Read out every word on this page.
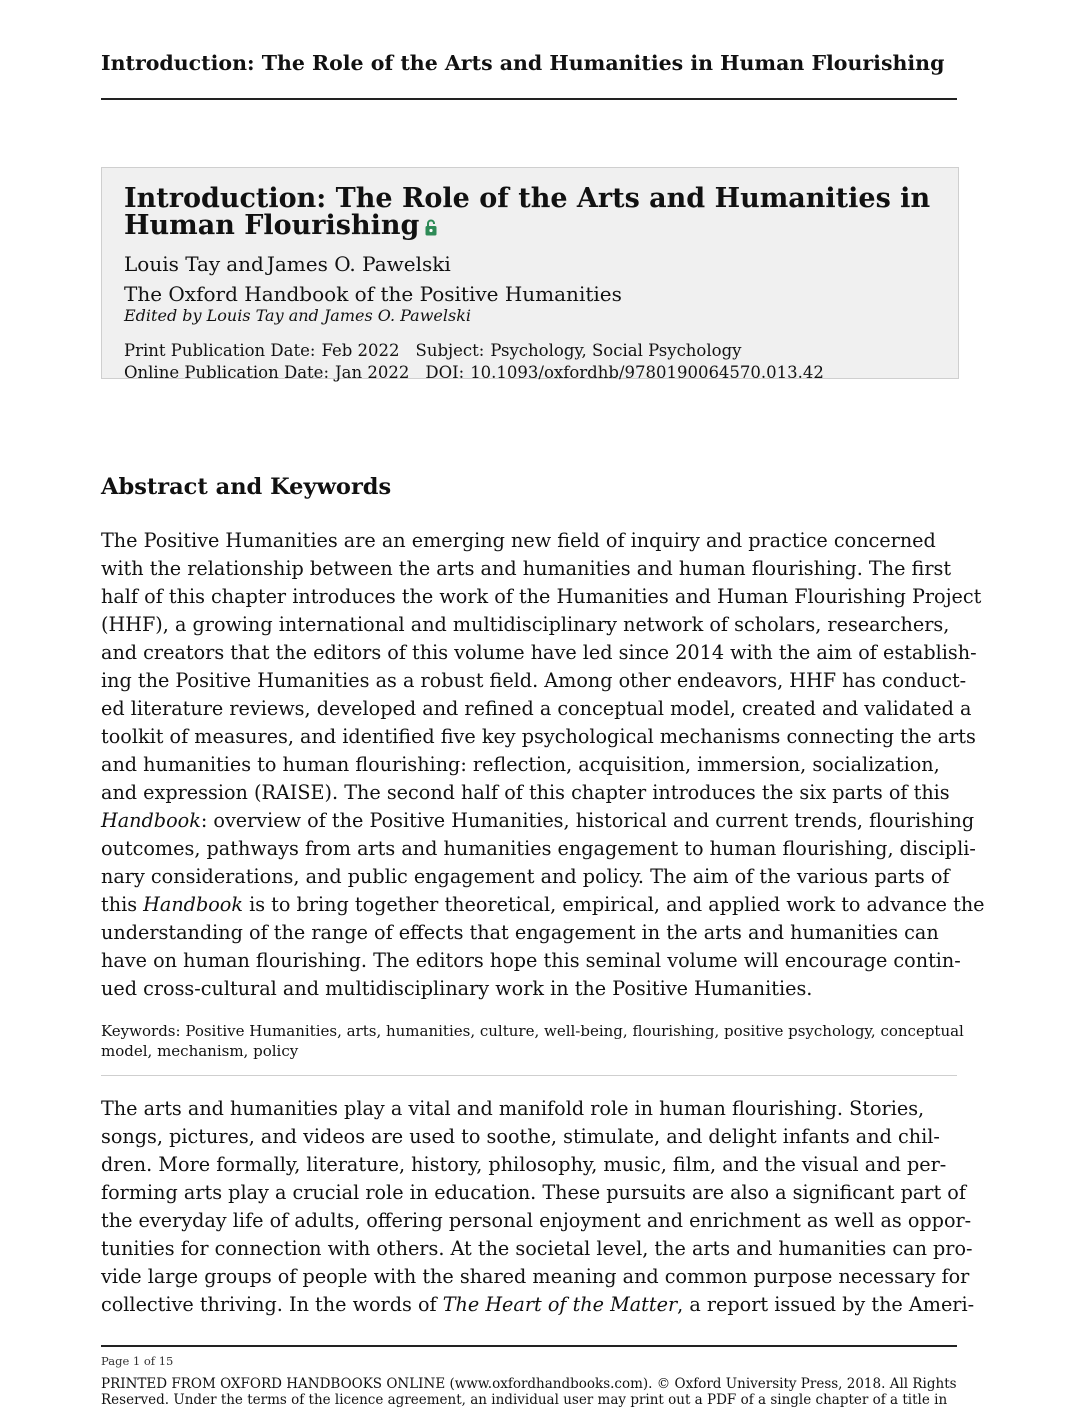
Introduction: The Role of the Arts and Humanities in Human Flourishing
Introduction: The Role of the Arts and Humanities in
Human Flourishing
Louis Tay and James O. Pawelski
The Oxford Handbook of the Positive Humanities
Edited by Louis Tay and James O. Pawelski
Print Publication Date: Feb 2022 Subject: Psychology, Social Psychology
Online Publication Date: Jan 2022 DOI: 10.1093/oxfordhb/9780190064570.013.42
Abstract and Keywords

The Positive Humanities are an emerging new field of inquiry and practice concerned
with the relationship between the arts and humanities and human flourishing. The first
half of this chapter introduces the work of the Humanities and Human Flourishing Project
(HHF), a growing international and multidisciplinary network of scholars, researchers,
and creators that the editors of this volume have led since 2014 with the aim of establish-
ing the Positive Humanities as a robust field. Among other endeavors, HHF has conduct-
ed literature reviews, developed and refined a conceptual model, created and validated a
toolkit of measures, and identified five key psychological mechanisms connecting the arts
and humanities to human flourishing: reflection, acquisition, immersion, socialization,
and expression (RAISE). The second half of this chapter introduces the six parts of this
Handbook: overview of the Positive Humanities, historical and current trends, flourishing
outcomes, pathways from arts and humanities engagement to human flourishing, discipli-
nary considerations, and public engagement and policy. The aim of the various parts of
this Handbook is to bring together theoretical, empirical, and applied work to advance the
understanding of the range of effects that engagement in the arts and humanities can
have on human flourishing. The editors hope this seminal volume will encourage contin-
ued cross-cultural and multidisciplinary work in the Positive Humanities.

Keywords: Positive Humanities, arts, humanities, culture, well-being, flourishing, positive psychology, conceptual
model, mechanism, policy

The arts and humanities play a vital and manifold role in human flourishing. Stories,
songs, pictures, and videos are used to soothe, stimulate, and delight infants and chil-
dren. More formally, literature, history, philosophy, music, film, and the visual and per-
forming arts play a crucial role in education. These pursuits are also a significant part of
the everyday life of adults, offering personal enjoyment and enrichment as well as oppor-
tunities for connection with others. At the societal level, the arts and humanities can pro-
vide large groups of people with the shared meaning and common purpose necessary for
collective thriving. In the words of The Heart of the Matter, a report issued by the Ameri-

Page 1 of 15

PRINTED FROM OXFORD HANDBOOKS ONLINE (www.oxfordhandbooks.com). © Oxford University Press, 2018. All Rights
Reserved. Under the terms of the licence agreement, an individual user may print out a PDF of a single chapter of a title in
